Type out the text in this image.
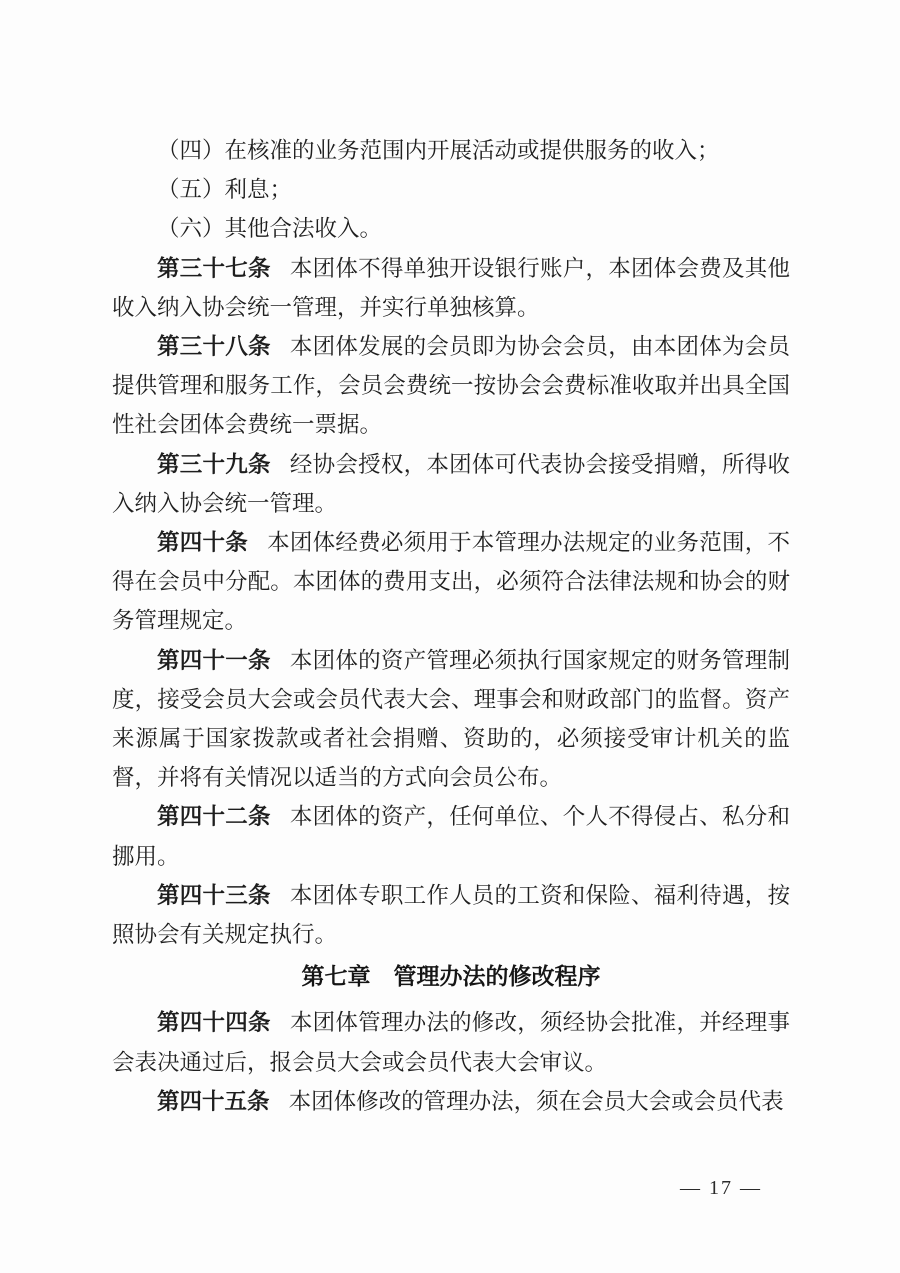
（四）在核准的业务范围内开展活动或提供服务的收入；

（五）利息；

（六）其他合法收入。

第三十七条 本团体不得单独开设银行账户，本团体会费及其他收入纳入协会统一管理，并实行单独核算。

第三十八条 本团体发展的会员即为协会会员，由本团体为会员提供管理和服务工作，会员会费统一按协会会费标准收取并出具全国性社会团体会费统一票据。

第三十九条 经协会授权，本团体可代表协会接受捐赠，所得收入纳入协会统一管理。

第四十条 本团体经费必须用于本管理办法规定的业务范围，不得在会员中分配。本团体的费用支出，必须符合法律法规和协会的财务管理规定。

第四十一条 本团体的资产管理必须执行国家规定的财务管理制度，接受会员大会或会员代表大会、理事会和财政部门的监督。资产来源属于国家拨款或者社会捐赠、资助的，必须接受审计机关的监督，并将有关情况以适当的方式向会员公布。

第四十二条 本团体的资产，任何单位、个人不得侵占、私分和挪用。

第四十三条 本团体专职工作人员的工资和保险、福利待遇，按照协会有关规定执行。

第七章　管理办法的修改程序

第四十四条 本团体管理办法的修改，须经协会批准，并经理事会表决通过后，报会员大会或会员代表大会审议。

第四十五条 本团体修改的管理办法，须在会员大会或会员代表

— 17 —
